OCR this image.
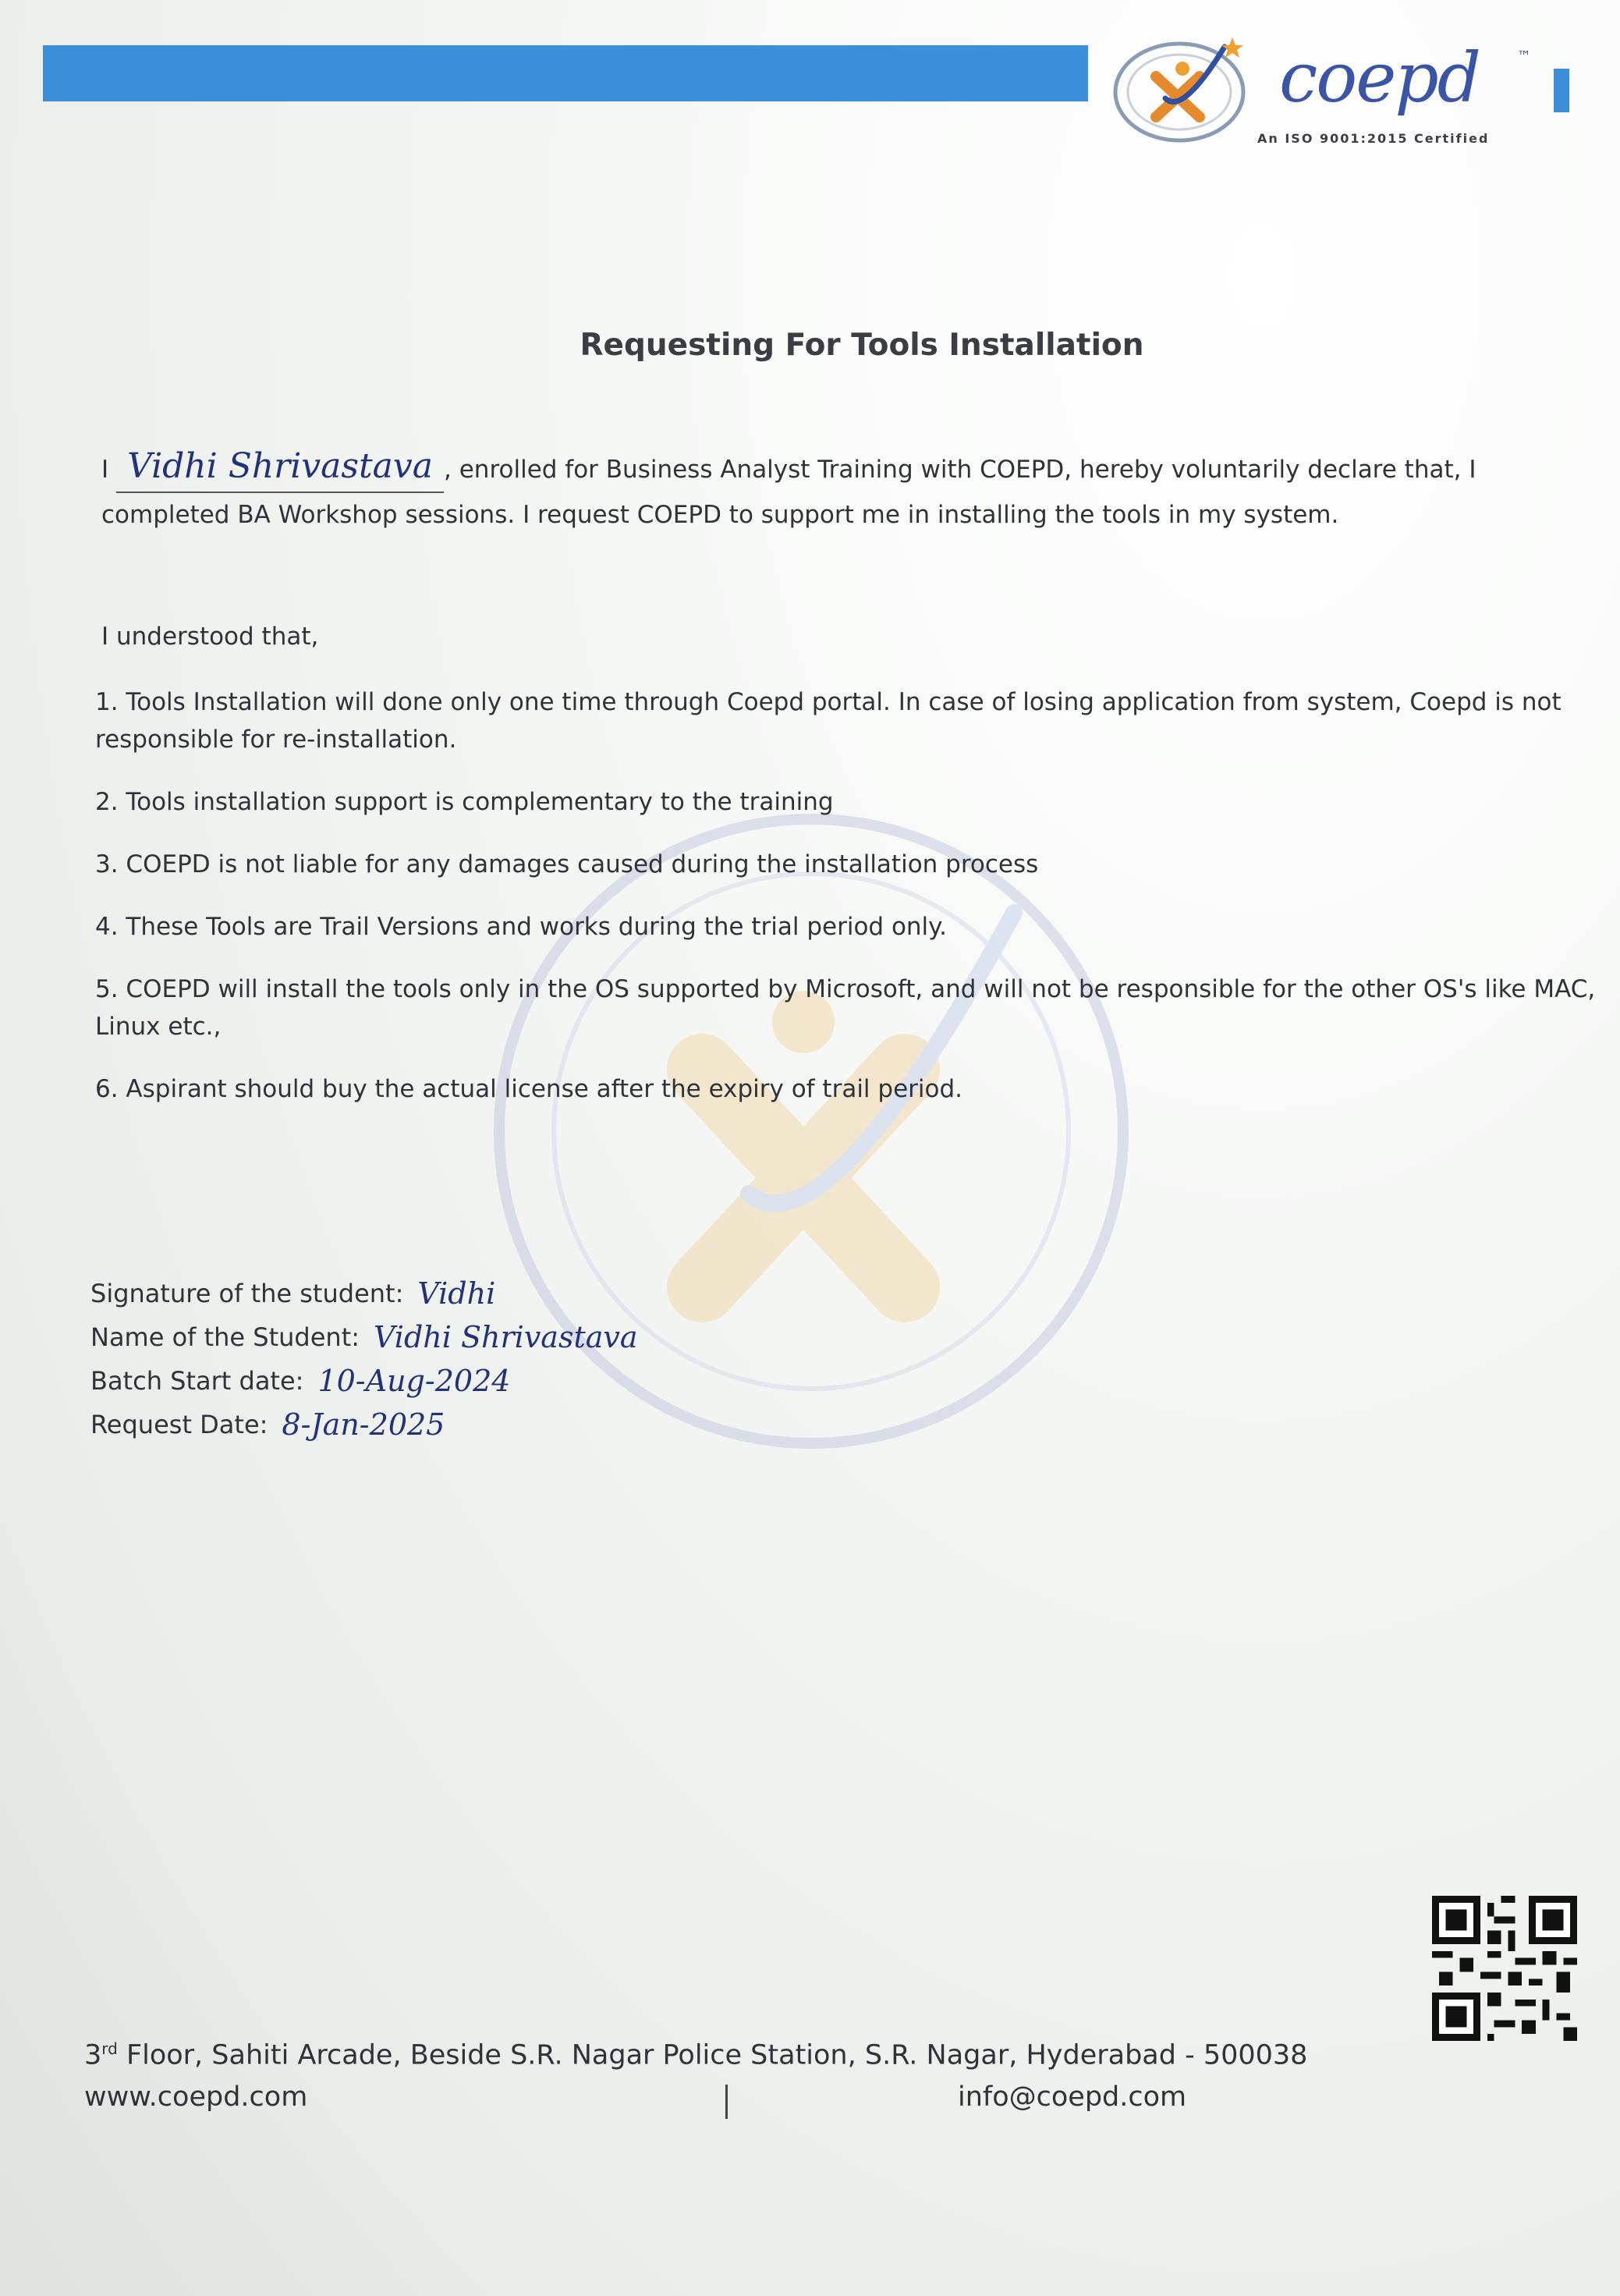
coepd	™
An ISO 9001:2015 Certified
Requesting For Tools Installation
I Vidhi Shrivastava , enrolled for Business Analyst Training with COEPD, hereby voluntarily declare that, I
completed BA Workshop sessions. I request COEPD to support me in installing the tools in my system.
I understood that,

1. Tools Installation will done only one time through Coepd portal. In case of losing application from system, Coepd is not responsible for re-installation.

2. Tools installation support is complementary to the training

3. COEPD is not liable for any damages caused during the installation process

4. These Tools are Trail Versions and works during the trial period only.

5. COEPD will install the tools only in the OS supported by Microsoft, and will not be responsible for the other OS's like MAC, Linux etc.,

6. Aspirant should buy the actual license after the expiry of trail period.

Signature of the student: Vidhi
Name of the Student: Vidhi Shrivastava
Batch Start date: 10-Aug-2024
Request Date: 8-Jan-2025
3rd Floor, Sahiti Arcade, Beside S.R. Nagar Police Station, S.R. Nagar, Hyderabad - 500038
www.coepd.com	info@coepd.com
